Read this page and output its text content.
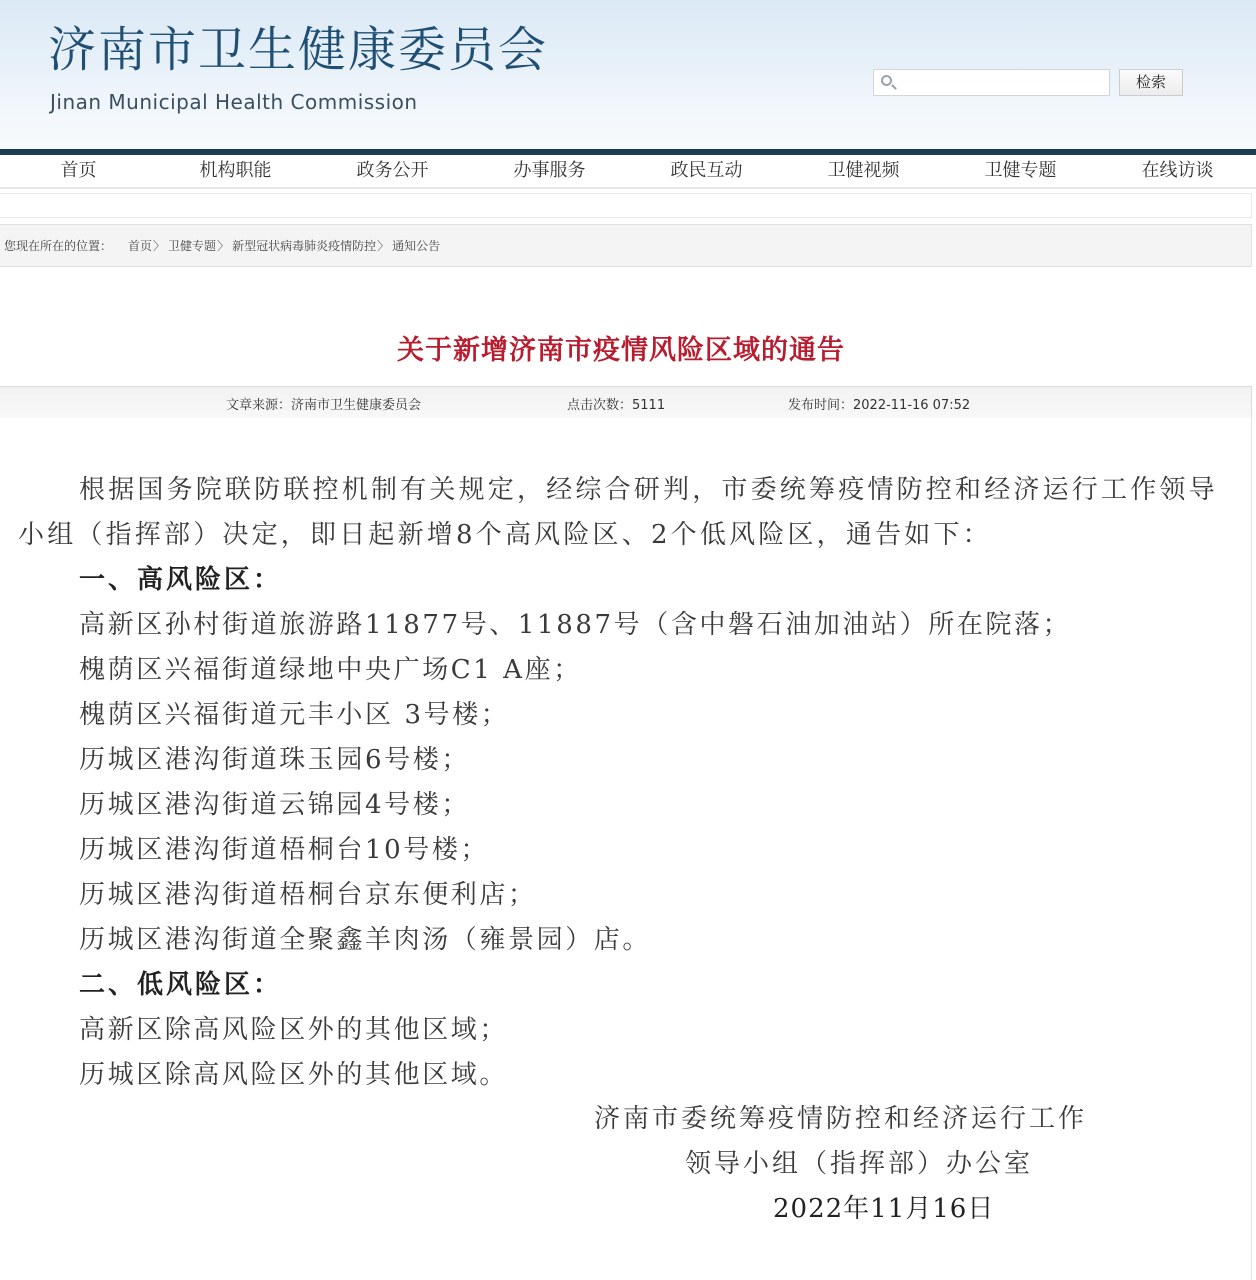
济南市卫生健康委员会
Jinan Municipal Health Commission
检索
首页	机构职能	政务公开	办事服务	政民互动	卫健视频	卫健专题	在线访谈
您现在所在的位置： 首页 〉 卫健专题 〉 新型冠状病毒肺炎疫情防控 〉 通知公告
关于新增济南市疫情风险区域的通告
文章来源：济南市卫生健康委员会	点击次数：5111	发布时间：2022-11-16 07:52

根据国务院联防联控机制有关规定，经综合研判，市委统筹疫情防控和经济运行工作领导小组（指挥部）决定，即日起新增8个高风险区、2个低风险区，通告如下：

一、高风险区：

高新区孙村街道旅游路11877号、11887号（含中磐石油加油站）所在院落；

槐荫区兴福街道绿地中央广场C1 A座；

槐荫区兴福街道元丰小区 3号楼；

历城区港沟街道珠玉园6号楼；

历城区港沟街道云锦园4号楼；

历城区港沟街道梧桐台10号楼；

历城区港沟街道梧桐台京东便利店；

历城区港沟街道全聚鑫羊肉汤（雍景园）店。

二、低风险区：

高新区除高风险区外的其他区域；

历城区除高风险区外的其他区域。

济南市委统筹疫情防控和经济运行工作
领导小组（指挥部）办公室
2022年11月16日
